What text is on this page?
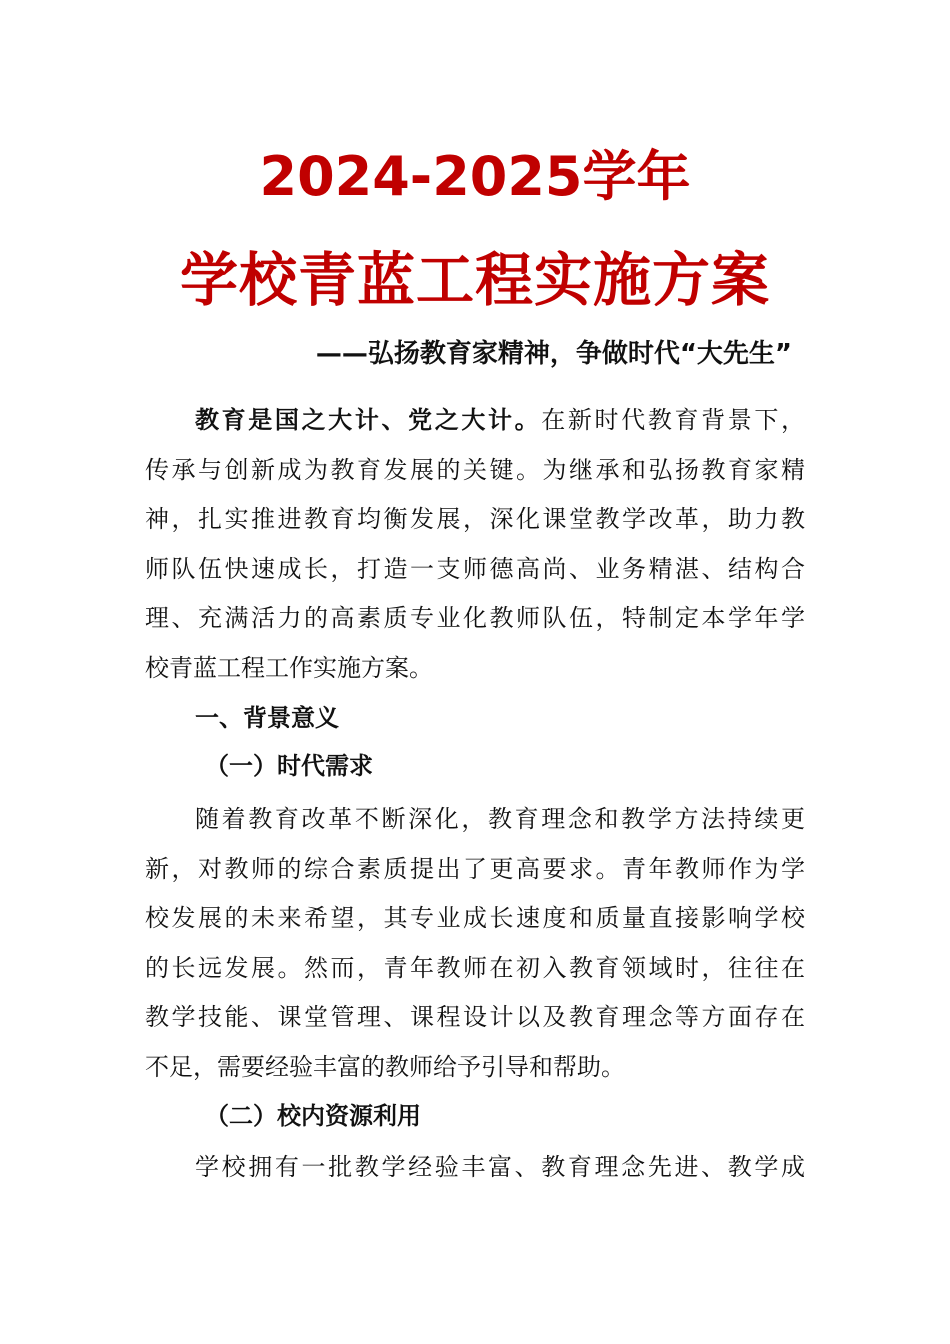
2024-2025学年
学校青蓝工程实施方案
——弘扬教育家精神，争做时代“大先生”
教育是国之大计、党之大计。在新时代教育背景下，
传承与创新成为教育发展的关键。为继承和弘扬教育家精
神，扎实推进教育均衡发展，深化课堂教学改革，助力教
师队伍快速成长，打造一支师德高尚、业务精湛、结构合
理、充满活力的高素质专业化教师队伍，特制定本学年学
校青蓝工程工作实施方案。
一、背景意义
（一）时代需求
随着教育改革不断深化，教育理念和教学方法持续更
新，对教师的综合素质提出了更高要求。青年教师作为学
校发展的未来希望，其专业成长速度和质量直接影响学校
的长远发展。然而，青年教师在初入教育领域时，往往在
教学技能、课堂管理、课程设计以及教育理念等方面存在
不足，需要经验丰富的教师给予引导和帮助。
（二）校内资源利用
学校拥有一批教学经验丰富、教育理念先进、教学成
